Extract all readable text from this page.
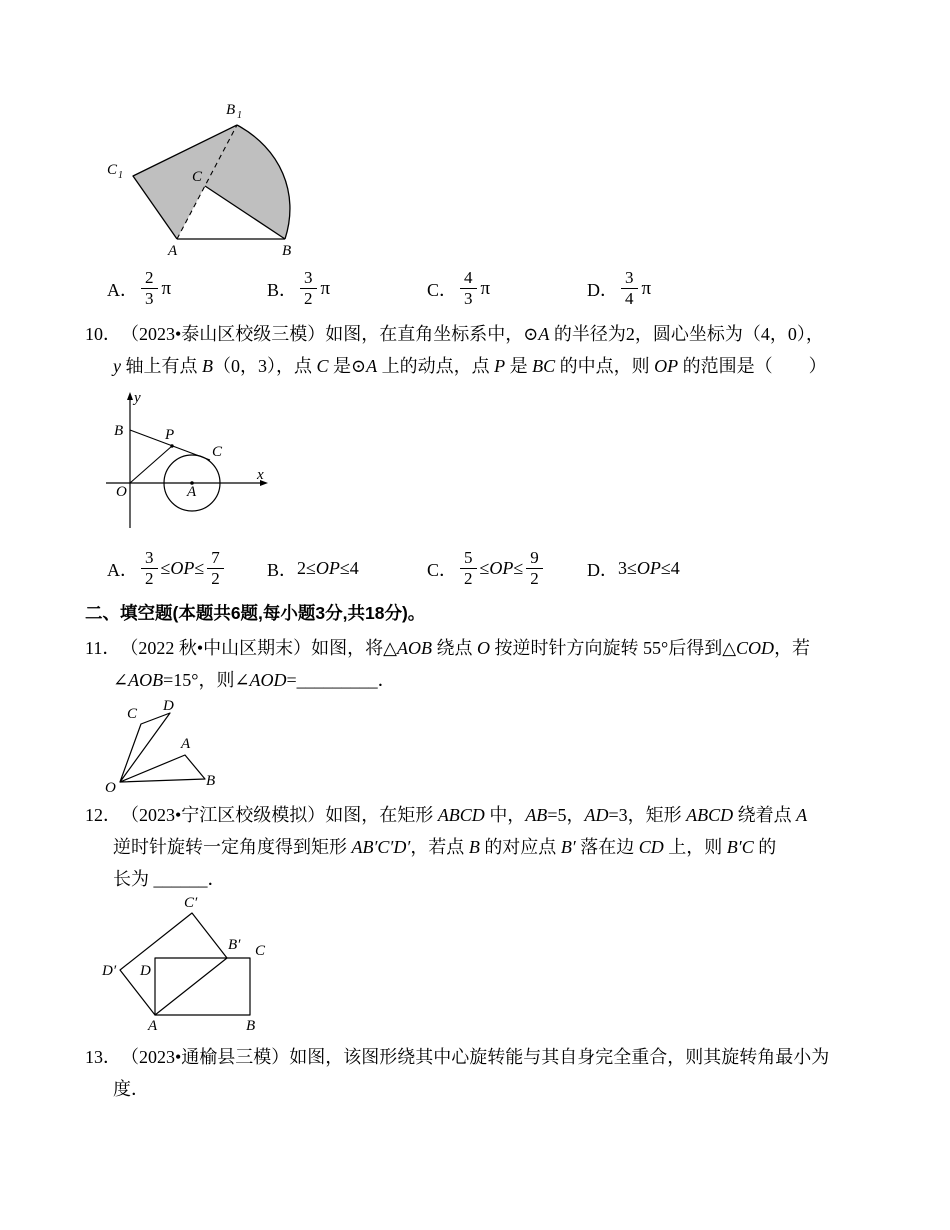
B 1
C 1	C
A	B
A． $\frac{2}{3}$ π	B． $\frac{3}{2}$ π	C． $\frac{4}{3}$ π	D． $\frac{3}{4}$ π
10．（2023•泰山区校级三模）如图，在直角坐标系中，⊙A 的半径为2，圆心坐标为（4，0），
y 轴上有点 B（0，3），点 C 是⊙A 上的动点，点 P 是 BC 的中点，则 OP 的范围是（　　）
y
x
B	P
C
O	A
A． $\frac{3}{2} \le OP\le \frac{7}{2}$ B． 2≤OP≤4	C． $\frac{5}{2} \le OP\le \frac{9}{2}$ D． 3≤OP≤4
二、填空题(本题共6题,每小题3分,共18分)。
11．（2022 秋•中山区期末）如图，将△AOB 绕点 O 按逆时针方向旋转 55°后得到△COD，若
∠AOB=15°，则∠AOD=_________．
C D
A
B
O
12．（2023•宁江区校级模拟）如图，在矩形 ABCD 中，AB=5，AD=3，矩形 ABCD 绕着点 A
逆时针旋转一定角度得到矩形 AB′C′D′，若点 B 的对应点 B′ 落在边 CD 上，则 B′C 的
长为 ______．
C′
B′ C
D′ D
A	B
13．（2023•通榆县三模）如图，该图形绕其中心旋转能与其自身完全重合，则其旋转角最小为
度．
